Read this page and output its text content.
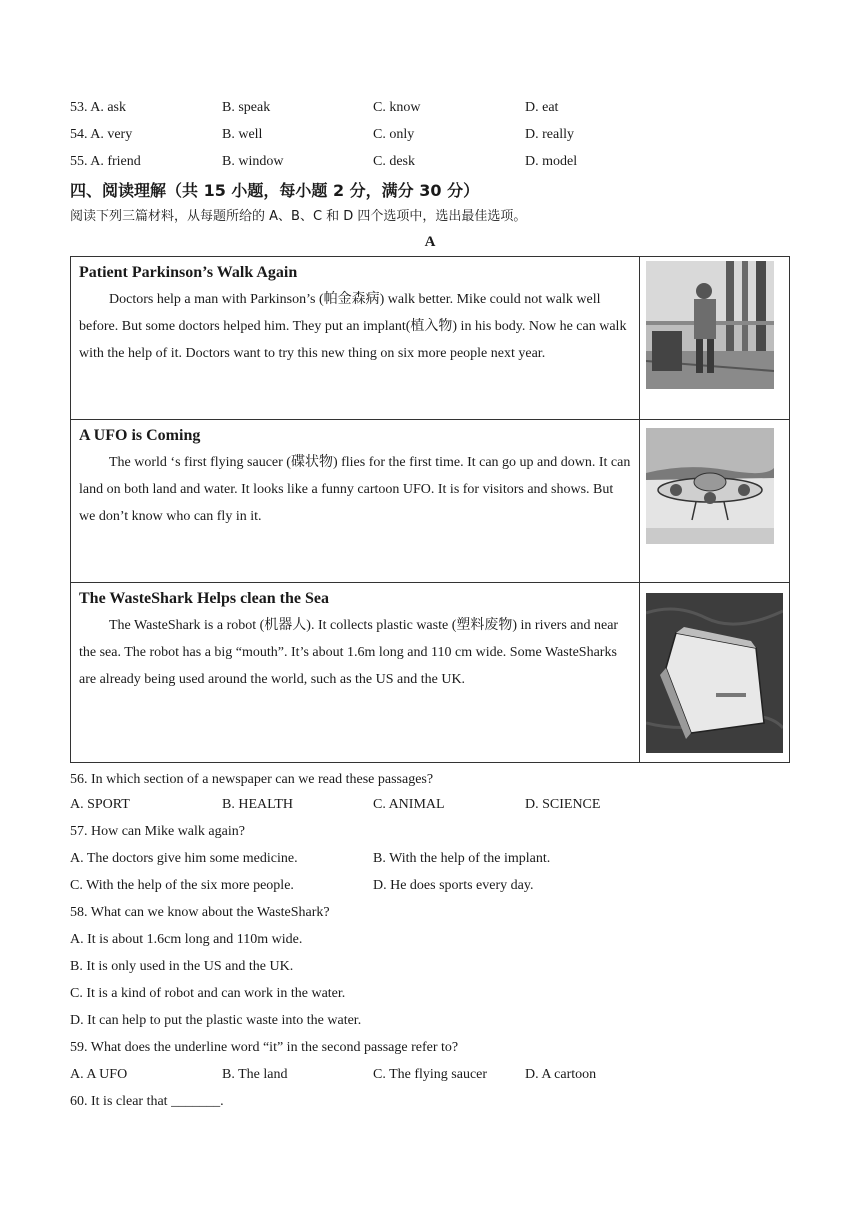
53. A. ask	B. speak	C. know	D. eat
54. A. very	B. well	C. only	D. really
55. A. friend	B. window	C. desk	D. model
四、阅读理解（共 15 小题，每小题 2 分，满分 30 分）
阅读下列三篇材料，从每题所给的 A、B、C 和 D 四个选项中，选出最佳选项。
A
Patient Parkinson’s Walk Again
Doctors help a man with Parkinson’s (帕金森病) walk better. Mike could not walk well before. But some doctors helped him. They put an implant(植入物) in his body. Now he can walk with the help of it. Doctors want to try this new thing on six more people next year.
A UFO is Coming
The world ‘s first flying saucer (碟状物) flies for the first time. It can go up and down. It can land on both land and water. It looks like a funny cartoon UFO. It is for visitors and shows. But we don’t know who can fly in it.
The WasteShark Helps clean the Sea
The WasteShark is a robot (机器人). It collects plastic waste (塑料废物) in rivers and near the sea. The robot has a big “mouth”. It’s about 1.6m long and 110 cm wide. Some WasteSharks are already being used around the world, such as the US and the UK.
56. In which section of a newspaper can we read these passages?
A. SPORT	B. HEALTH	C. ANIMAL	D. SCIENCE
57. How can Mike walk again?
A. The doctors give him some medicine.	B. With the help of the implant.
C. With the help of the six more people.	D. He does sports every day.
58. What can we know about the WasteShark?
A. It is about 1.6cm long and 110m wide.
B. It is only used in the US and the UK.
C. It is a kind of robot and can work in the water.
D. It can help to put the plastic waste into the water.
59. What does the underline word “it” in the second passage refer to?
A. A UFO	B. The land	C. The flying saucer	D. A cartoon
60. It is clear that _______.
